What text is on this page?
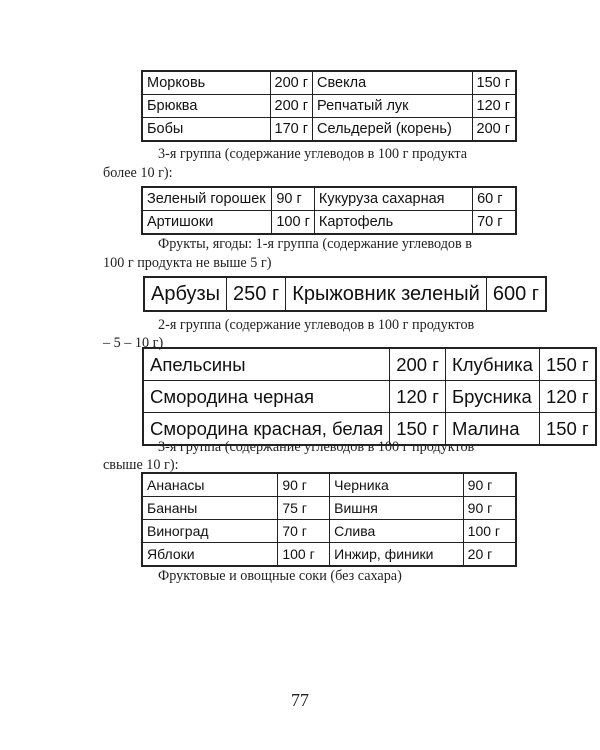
Морковь	200 г	Свекла	150 г
Брюква	200 г	Репчатый лук	120 г
Бобы	170 г	Сельдерей (корень)	200 г
3-я группа (содержание углеводов в 100 г продукта
более 10 г):
Зеленый горошек	90 г	Кукуруза сахарная	60 г
Артишоки	100 г	Картофель	70 г
Фрукты, ягоды: 1-я группа (содержание углеводов в
100 г продукта не выше 5 г)
Арбузы	250 г	Крыжовник зеленый	600 г
2-я группа (содержание углеводов в 100 г продуктов
– 5 – 10 г)
Апельсины	200 г	Клубника	150 г
Смородина черная	120 г	Брусника	120 г
Смородина красная, белая	150 г	Малина	150 г
3-я группа (содержание углеводов в 100 г продуктов
свыше 10 г):
Ананасы	90 г	Черника	90 г
Бананы	75 г	Вишня	90 г
Виноград	70 г	Слива	100 г
Яблоки	100 г	Инжир, финики	20 г
Фруктовые и овощные соки (без сахара)
77
